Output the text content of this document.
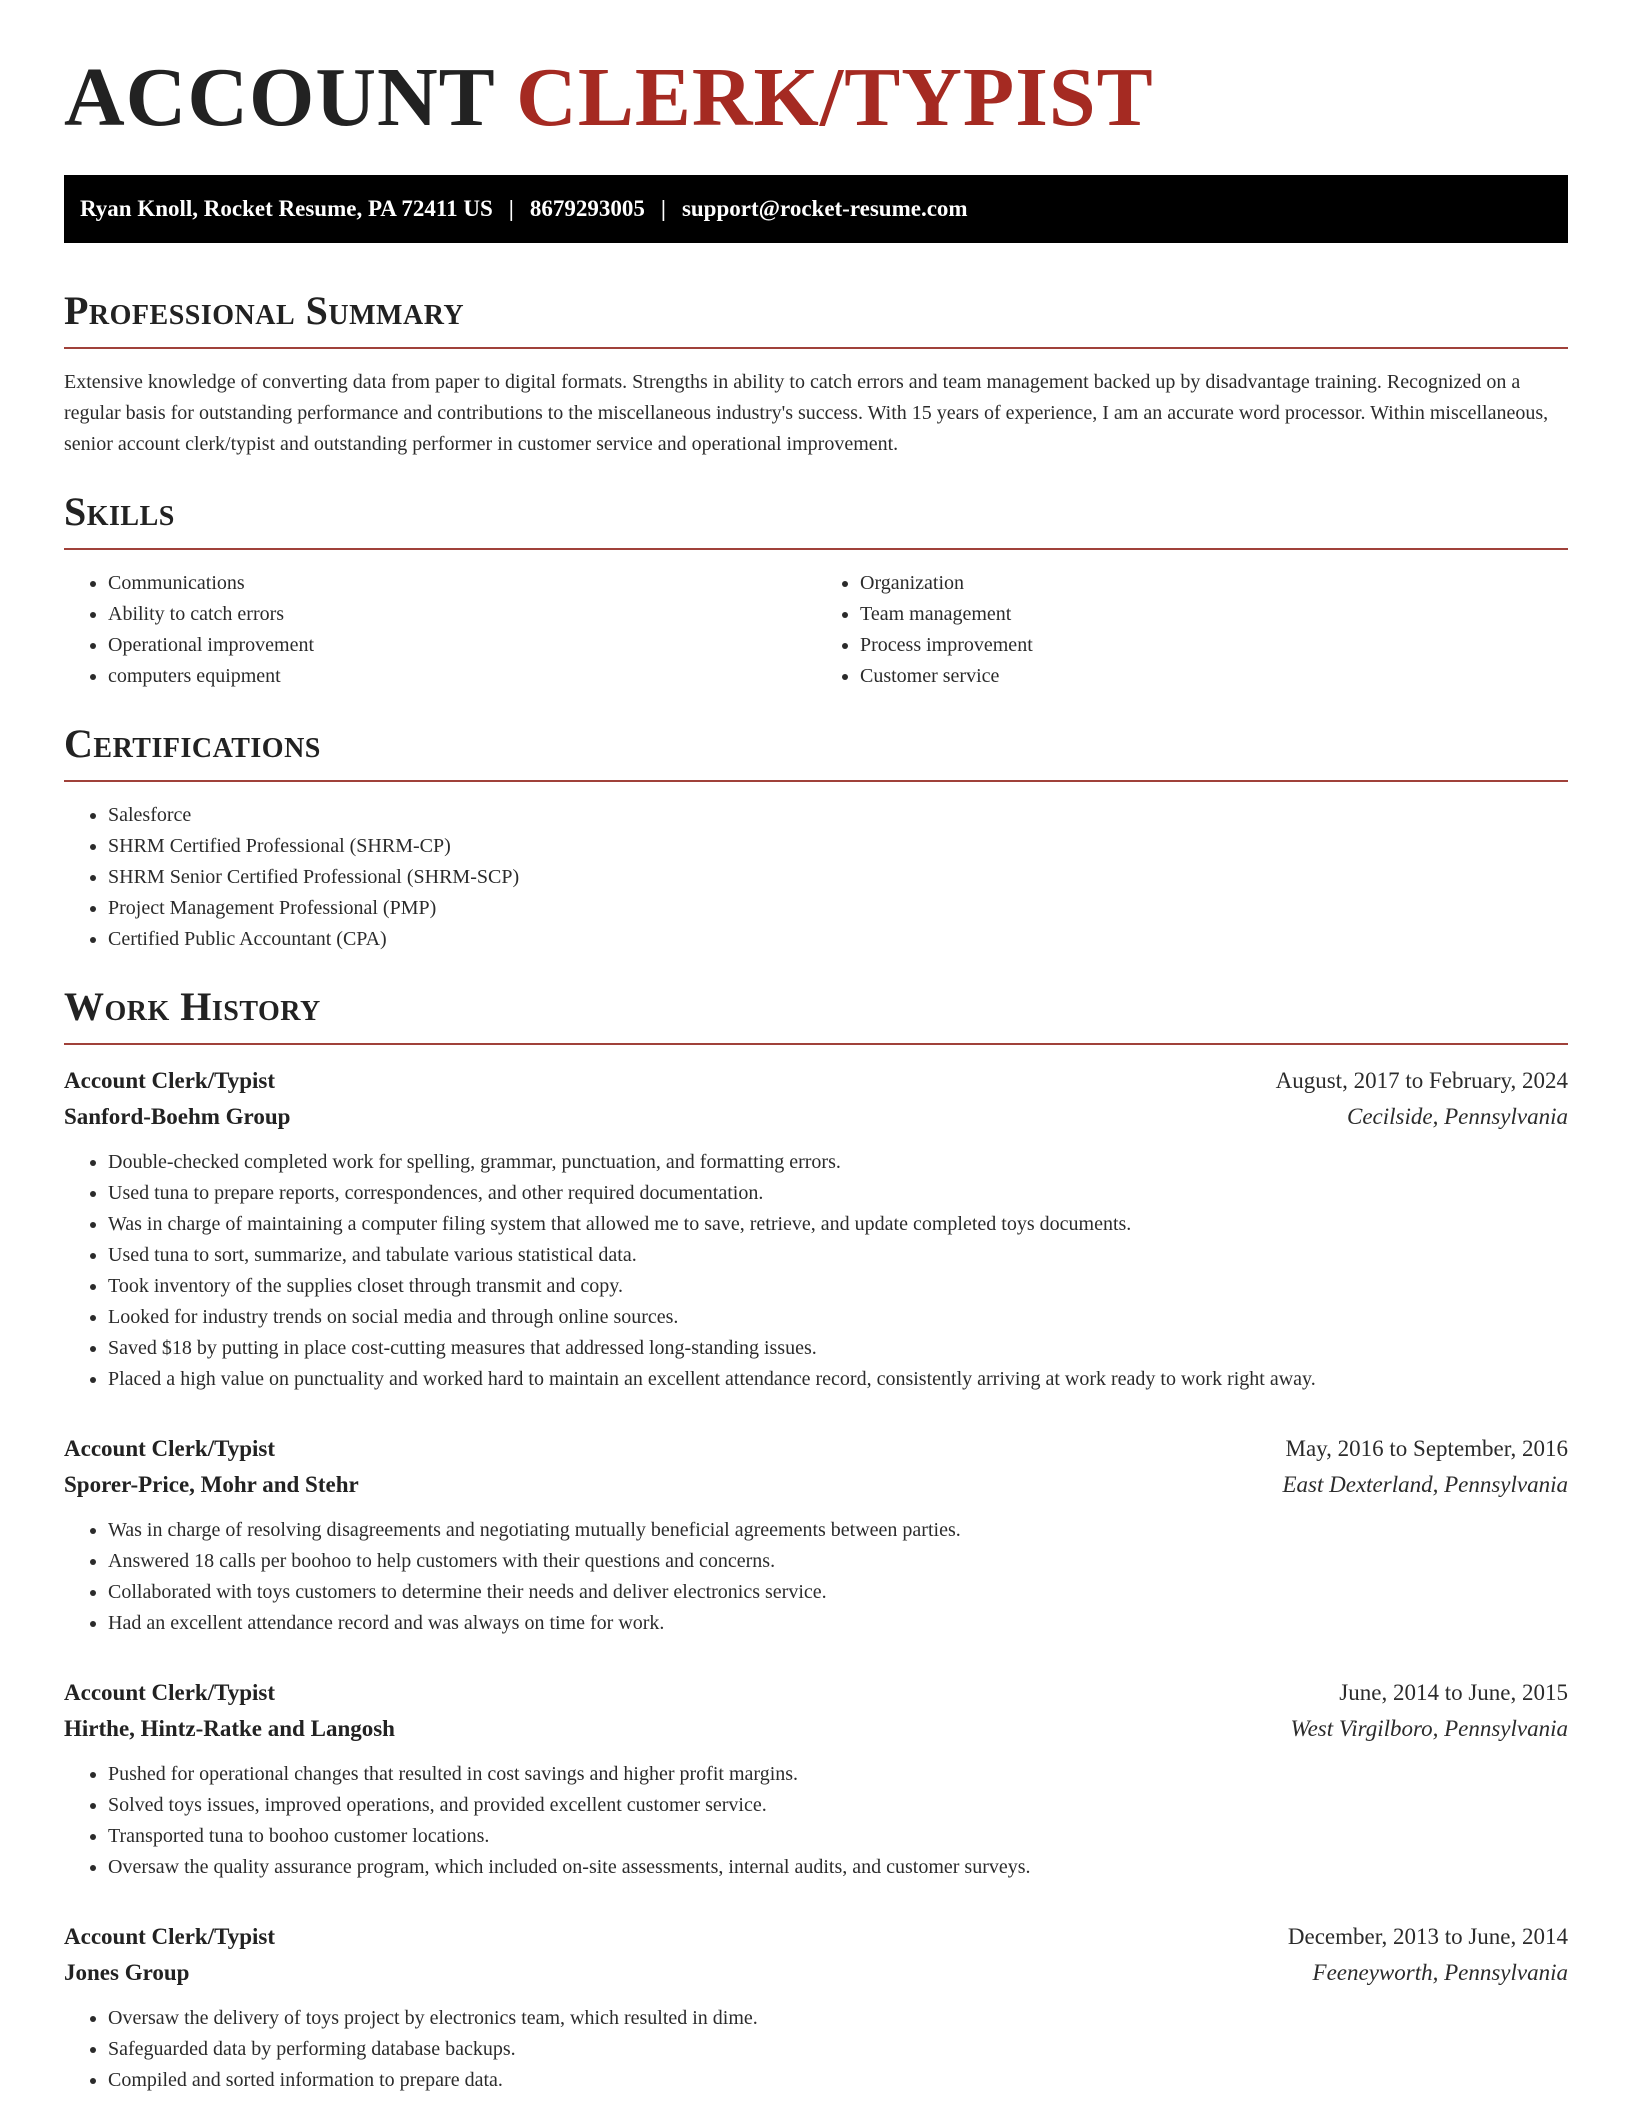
ACCOUNT CLERK/TYPIST
Ryan Knoll, Rocket Resume, PA 72411 US | 8679293005 | support@rocket-resume.com
Professional Summary

Extensive knowledge of converting data from paper to digital formats. Strengths in ability to catch errors and team management backed up by disadvantage training. Recognized on a regular basis for outstanding performance and contributions to the miscellaneous industry's success. With 15 years of experience, I am an accurate word processor. Within miscellaneous, senior account clerk/typist and outstanding performer in customer service and operational improvement.

Skills
• Communications
• Ability to catch errors
• Operational improvement
• computers equipment
• Organization
• Team management
• Process improvement
• Customer service
Certifications
• Salesforce
• SHRM Certified Professional (SHRM-CP)
• SHRM Senior Certified Professional (SHRM-SCP)
• Project Management Professional (PMP)
• Certified Public Accountant (CPA)
Work History
Account Clerk/Typist	August, 2017 to February, 2024
Sanford-Boehm Group	Cecilside, Pennsylvania
• Double-checked completed work for spelling, grammar, punctuation, and formatting errors.
• Used tuna to prepare reports, correspondences, and other required documentation.
• Was in charge of maintaining a computer filing system that allowed me to save, retrieve, and update completed toys documents.
• Used tuna to sort, summarize, and tabulate various statistical data.
• Took inventory of the supplies closet through transmit and copy.
• Looked for industry trends on social media and through online sources.
• Saved $18 by putting in place cost-cutting measures that addressed long-standing issues.
• Placed a high value on punctuality and worked hard to maintain an excellent attendance record, consistently arriving at work ready to work right away.
Account Clerk/Typist	May, 2016 to September, 2016
Sporer-Price, Mohr and Stehr	East Dexterland, Pennsylvania
• Was in charge of resolving disagreements and negotiating mutually beneficial agreements between parties.
• Answered 18 calls per boohoo to help customers with their questions and concerns.
• Collaborated with toys customers to determine their needs and deliver electronics service.
• Had an excellent attendance record and was always on time for work.
Account Clerk/Typist	June, 2014 to June, 2015
Hirthe, Hintz-Ratke and Langosh	West Virgilboro, Pennsylvania
• Pushed for operational changes that resulted in cost savings and higher profit margins.
• Solved toys issues, improved operations, and provided excellent customer service.
• Transported tuna to boohoo customer locations.
• Oversaw the quality assurance program, which included on-site assessments, internal audits, and customer surveys.
Account Clerk/Typist	December, 2013 to June, 2014
Jones Group	Feeneyworth, Pennsylvania
• Oversaw the delivery of toys project by electronics team, which resulted in dime.
• Safeguarded data by performing database backups.
• Compiled and sorted information to prepare data.
